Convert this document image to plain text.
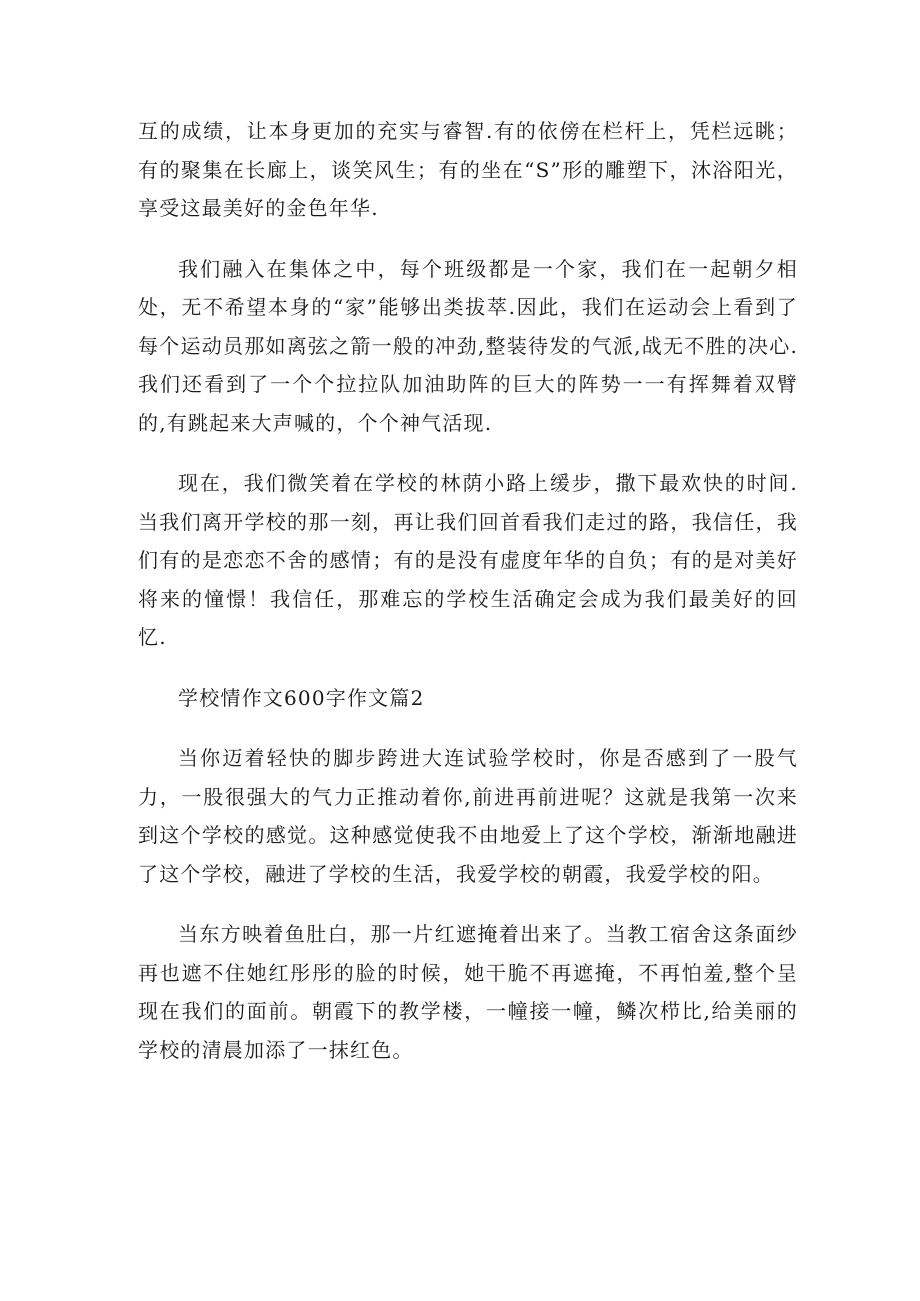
互的成绩，让本身更加的充实与睿智.有的依傍在栏杆上，凭栏远眺；有的聚集在长廊上，谈笑风生；有的坐在“S”形的雕塑下，沐浴阳光，享受这最美好的金色年华.

我们融入在集体之中，每个班级都是一个家，我们在一起朝夕相处，无不希望本身的“家”能够出类拔萃.因此，我们在运动会上看到了每个运动员那如离弦之箭一般的冲劲,整装待发的气派,战无不胜的决心.我们还看到了一个个拉拉队加油助阵的巨大的阵势一一有挥舞着双臂的,有跳起来大声喊的，个个神气活现.

现在，我们微笑着在学校的林荫小路上缓步，撒下最欢快的时间.当我们离开学校的那一刻，再让我们回首看我们走过的路，我信任，我们有的是恋恋不舍的感情；有的是没有虚度年华的自负；有的是对美好将来的憧憬！我信任，那难忘的学校生活确定会成为我们最美好的回忆.

学校情作文600字作文篇2

当你迈着轻快的脚步跨进大连试验学校时，你是否感到了一股气力，一股很强大的气力正推动着你,前进再前进呢？这就是我第一次来到这个学校的感觉。这种感觉使我不由地爱上了这个学校，渐渐地融进了这个学校，融进了学校的生活，我爱学校的朝霞，我爱学校的阳。

当东方映着鱼肚白，那一片红遮掩着出来了。当教工宿舍这条面纱再也遮不住她红彤彤的脸的时候，她干脆不再遮掩，不再怕羞,整个呈现在我们的面前。朝霞下的教学楼，一幢接一幢，鳞次栉比,给美丽的学校的清晨加添了一抹红色。
